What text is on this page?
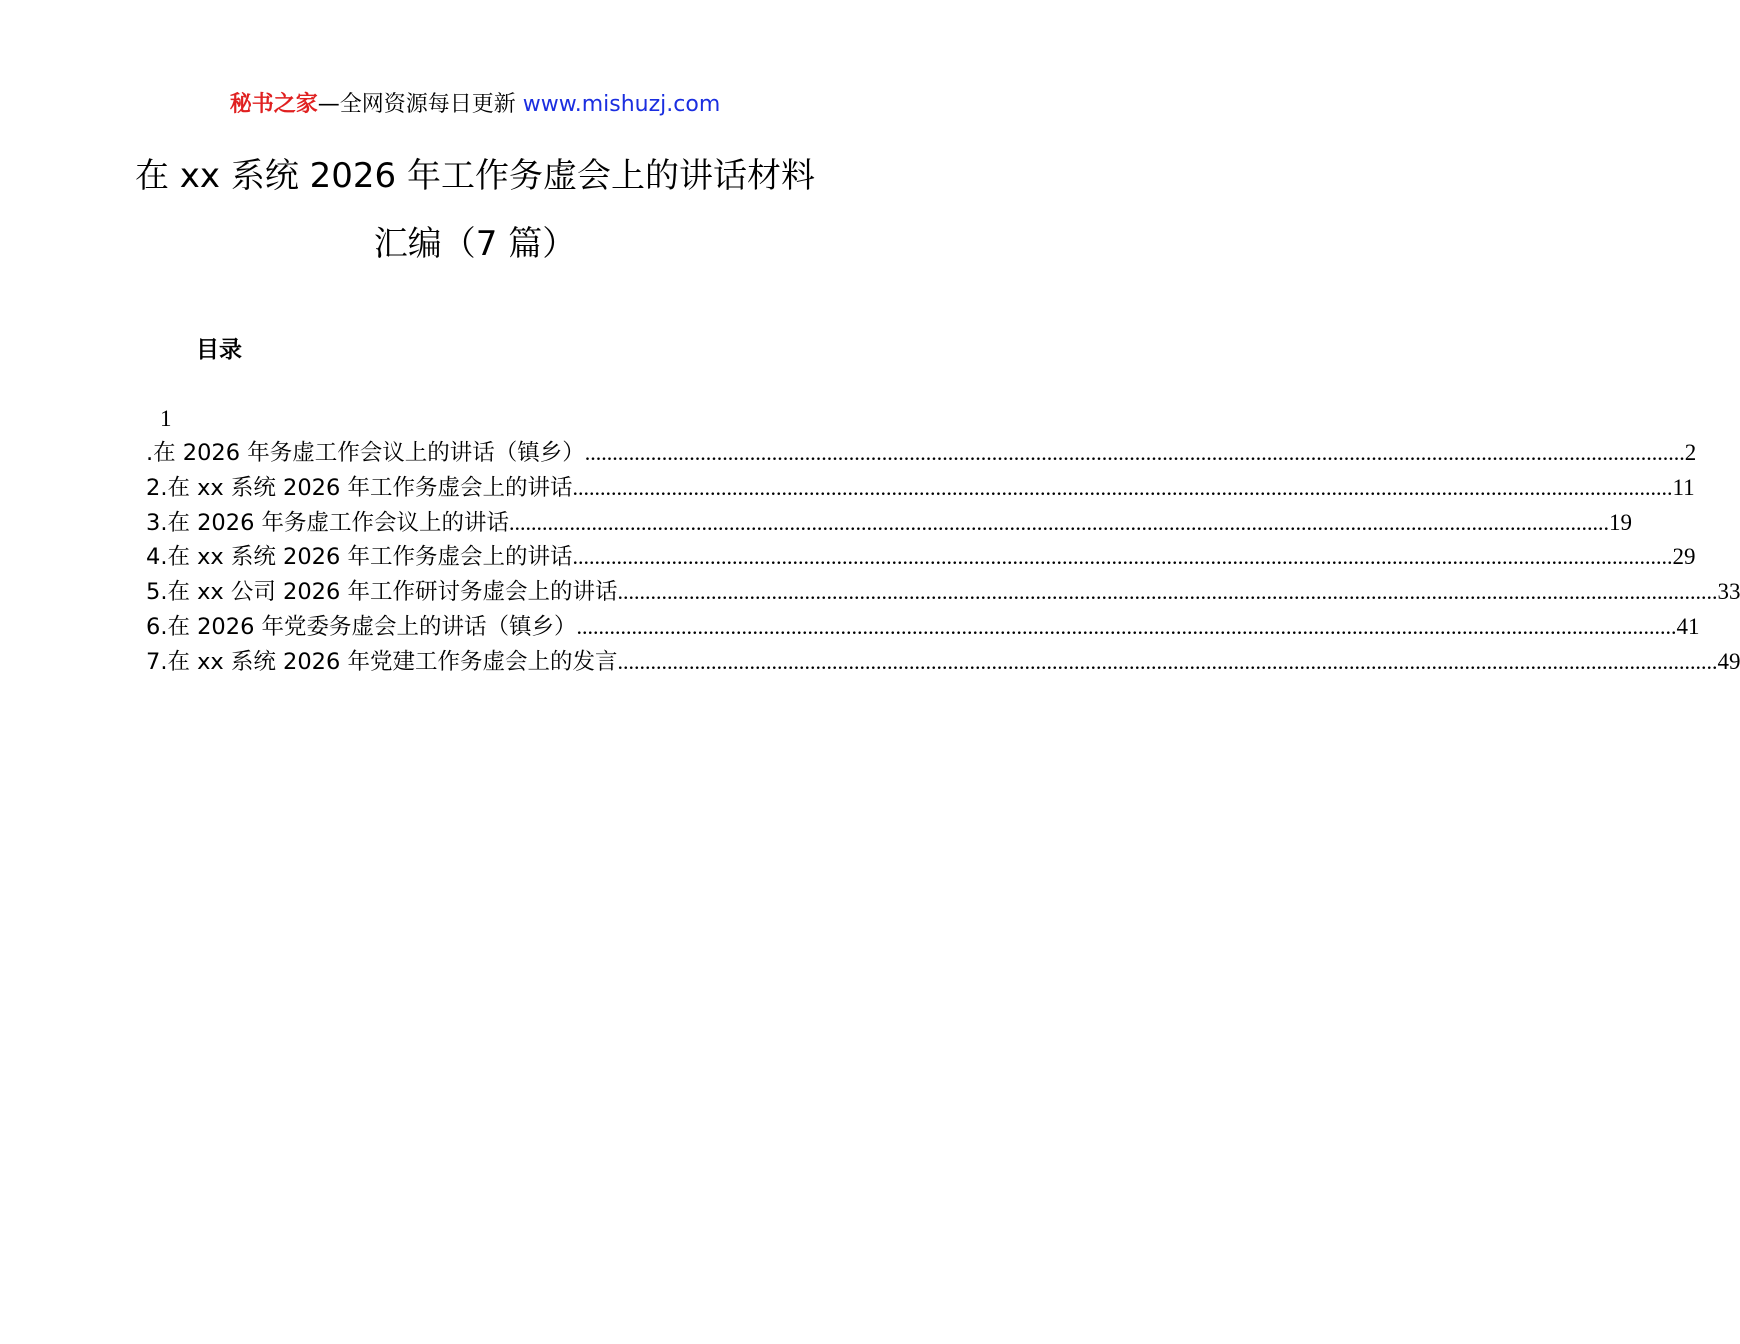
秘书之家—全网资源每日更新 www.mishuzj.com
在 xx 系统 2026 年工作务虚会上的讲话材料
汇编（7 篇）
目录
1
.在 2026 年务虚工作会议上的讲话（镇乡） ........................................................................................................................................................................................................ 2
2.在 xx 系统 2026 年工作务虚会上的讲话 ........................................................................................................................................................................................................ 11
3.在 2026 年务虚工作会议上的讲话 ........................................................................................................................................................................................................ 19
4.在 xx 系统 2026 年工作务虚会上的讲话 ........................................................................................................................................................................................................ 29
5.在 xx 公司 2026 年工作研讨务虚会上的讲话 ........................................................................................................................................................................................................ 33
6.在 2026 年党委务虚会上的讲话（镇乡） ........................................................................................................................................................................................................ 41
7.在 xx 系统 2026 年党建工作务虚会上的发言 ........................................................................................................................................................................................................ 49
